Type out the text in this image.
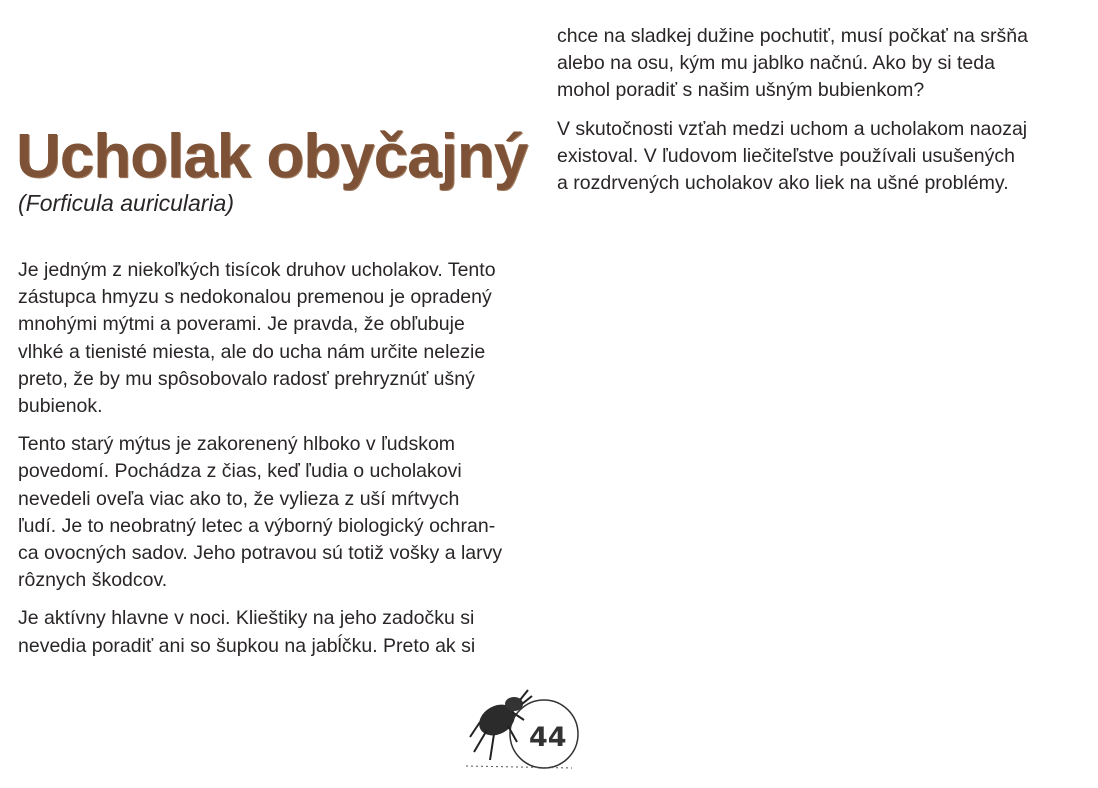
Ucholak obyčajný
(Forficula auricularia)

Je jedným z niekoľkých tisícok druhov ucholakov. Tento
zástupca hmyzu s nedokonalou premenou je opradený
mnohými mýtmi a poverami. Je pravda, že obľubuje
vlhké a tienisté miesta, ale do ucha nám určite nelezie
preto, že by mu spôsobovalo radosť prehryznúť ušný
bubienok.

Tento starý mýtus je zakorenený hlboko v ľudskom
povedomí. Pochádza z čias, keď ľudia o ucholakovi
nevedeli oveľa viac ako to, že vylieza z uší mŕtvych
ľudí. Je to neobratný letec a výborný biologický ochran-
ca ovocných sadov. Jeho potravou sú totiž vošky a larvy
rôznych škodcov.

Je aktívny hlavne v noci. Klieštiky na jeho zadočku si
nevedia poradiť ani so šupkou na jabĺčku. Preto ak si

chce na sladkej dužine pochutiť, musí počkať na sršňa
alebo na osu, kým mu jablko načnú. Ako by si teda
mohol poradiť s našim ušným bubienkom?

V skutočnosti vzťah medzi uchom a ucholakom naozaj
existoval. V ľudovom liečiteľstve používali usušených
a rozdrvených ucholakov ako liek na ušné problémy.

44
